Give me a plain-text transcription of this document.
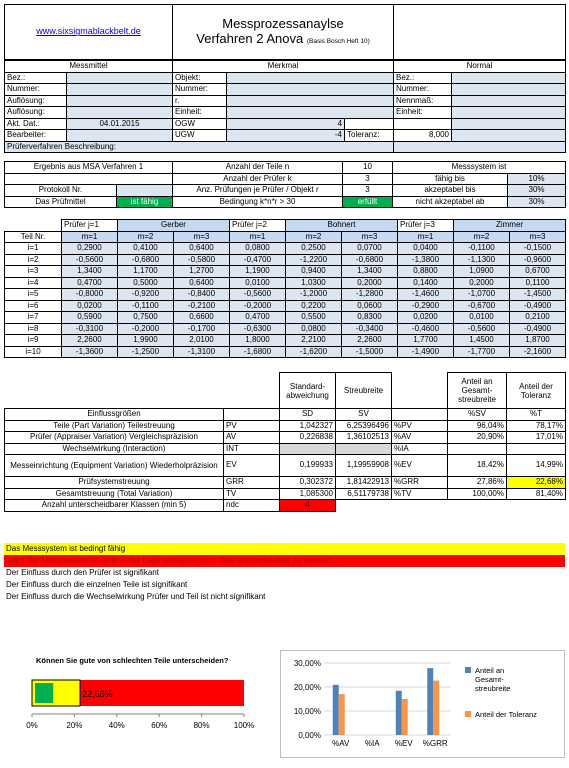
www.sixsigmablackbelt.de	
Messprozessanaylse
Verfahren 2 Anova (Basis Bosch Heft 10)

Messmittel		Merkmal			Normal	
Bez.:		Objekt:			Bez.:	
Nummer:		Nummer:			Nummer:	
Auflösung:		r.			Nennmaß:	
Auflösung:		Einheit:			Einheit:	
Akt. Dat.:	04.01.2015	OGW	4				
Bearbeiter:		UGW	-4	Toleranz:		8,000	
Prüferverfahren Beschreibung:						
Ergebnis aus MSA Verfahren 1		Anzahl der Teile n	10	Messsystem ist	
		Anzahl der Prüfer k	3	fähig bis	10%
Protokoll Nr.		Anz. Prüfungen je Prüfer / Objekt r	3	akzeptabel bis	30%
Das Prüfmittel	ist fähig	Bedingung k*n*r > 30	erfüllt	nicht akzeptabel ab	30%
	Prüfer j=1	Gerber		Prüfer j=2	Bohnert		Prüfer j=3	Zimmer	
Teil Nr.	m=1	m=2	m=3	m=1	m=2	m=3	m=1	m=2	m=3
i=1	0,2900	0,4100	0,6400	0,0800	0,2500	0,0700	0,0400	-0,1100	-0,1500
i=2	-0,5600	-0,6800	-0,5800	-0,4700	-1,2200	-0,6800	-1,3800	-1,1300	-0,9600
i=3	1,3400	1,1700	1,2700	1,1900	0,9400	1,3400	0,8800	1,0900	0,6700
i=4	0,4700	0,5000	0,6400	0,0100	1,0300	0,2000	0,1400	0,2000	0,1100
i=5	-0,8000	-0,9200	-0,8400	-0,5600	-1,2000	-1,2800	-1,4600	-1,0700	-1,4500
i=6	0,0200	-0,1100	-0,2100	-0,2000	0,2200	0,0600	-0,2900	-0,6700	-0,4900
i=7	0,5900	0,7500	0,6600	0,4700	0,5500	0,8300	0,0200	0,0100	0,2100
i=8	-0,3100	-0,2000	-0,1700	-0,6300	0,0800	-0,3400	-0,4600	-0,5600	-0,4900
i=9	2,2600	1,9900	2,0100	1,8000	2,2100	2,2600	1,7700	1,4500	1,8700
i=10	-1,3600	-1,2500	-1,3100	-1,6800	-1,6200	-1,5000	-1,4900	-1,7700	-2,1600
		Standard-abweichung	Streubreite		Anteil an Gesamt-streubreite	Anteil der Toleranz
Einflussgrößen		SD	SV		%SV	%T
Teile (Part Variation) Teilestreuung	PV	1,042327	6,25396496	%PV	96,04%	78,17%
Prüfer (Appraiser Variation) Vergleichspräzision	AV	0,226838	1,36102513	%AV	20,90%	17,01%
Wechselwirkung (Interaction)	INT			%IA		
Messeinrichtung (Equipment Variation) Wiederholpräzision	EV	0,199933	1,19959908	%EV	18,42%	14,99%
Prüfsystemstreuung	GRR	0,302372	1,81422913	%GRR	27,86%	22,68%
Gesamtstreuung (Total Variation)	TV	1,085300	6,51179738	%TV	100,00%	81,40%
Anzahl unterscheidbarer Klassen (min 5)	ndc	4				
Das Messsystem ist bedingt fähig
(ndc) Der Messprozess ist nicht in der Lage genügend viele Teile unterscheidbar zu messen
Der Einfluss durch den Prüfer ist signifikant
Der Einfluss durch die einzelnen Teile ist signifikant
Der Einfluss durch die Wechselwirkung Prüfer und Teil ist nicht signifikant
Können Sie gute von schlechten Teile unterscheiden?
22,68%
0%	20%	40%	60%	80%	100%
0,00%
10,00%
20,00%
30,00%
%AV %IA %EV %GRR
Anteil an Gesamt-streubreite
Anteil der Toleranz
